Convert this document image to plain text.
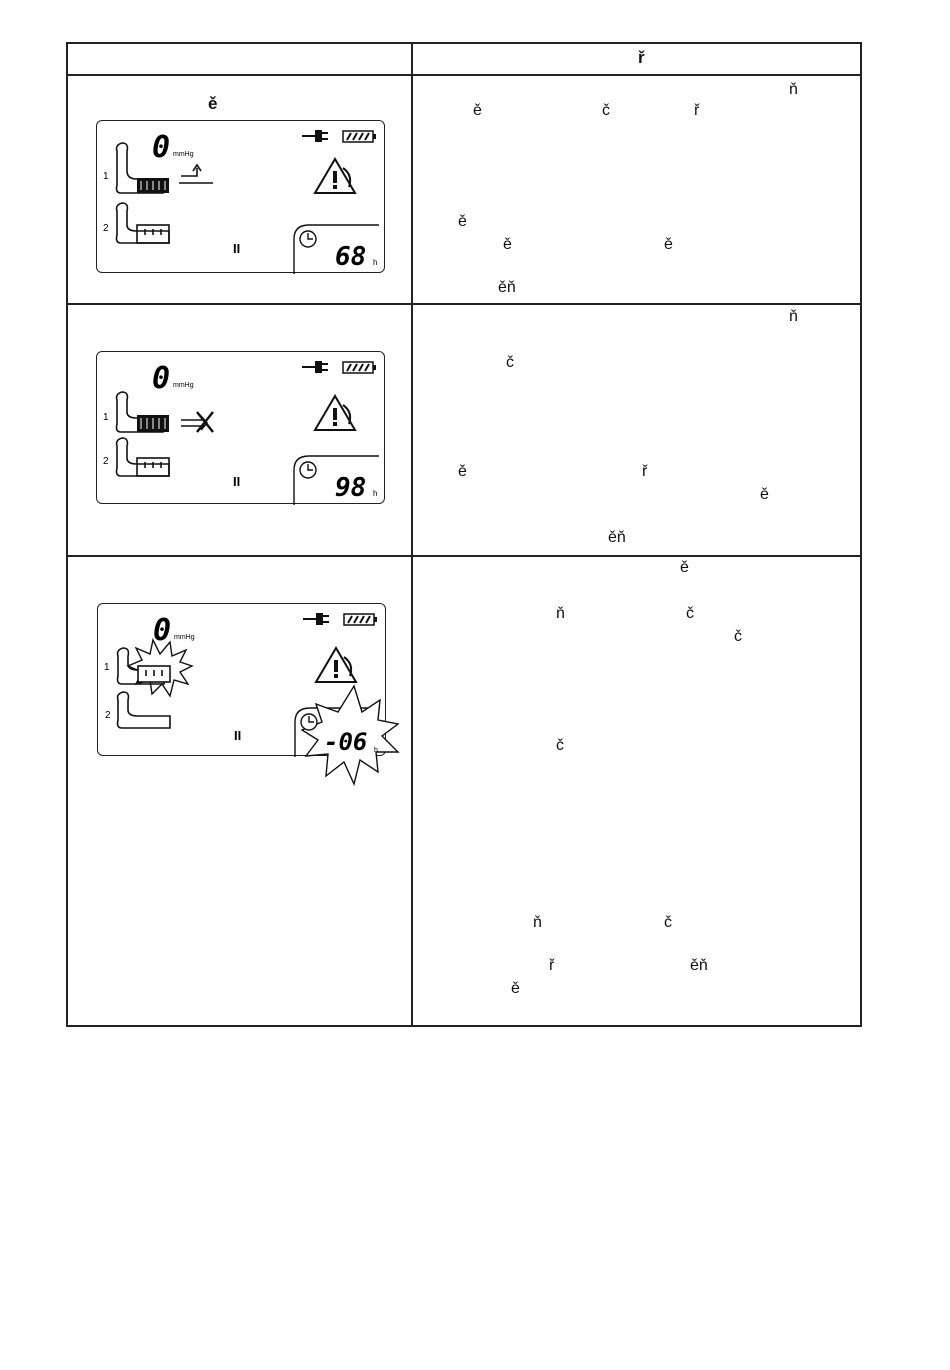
ř
ě
0 mmHg
1
2
II	68 h
ň
ě	č	ř
ě
ě	ě
ěň
0 mmHg
1
2
II	98 h
ň
č
ě	ř
ě
ěň
0 mmHg
1
2
II	-06 h
ě
ň	č
č
č
ň	č
ř	ěň
ě
